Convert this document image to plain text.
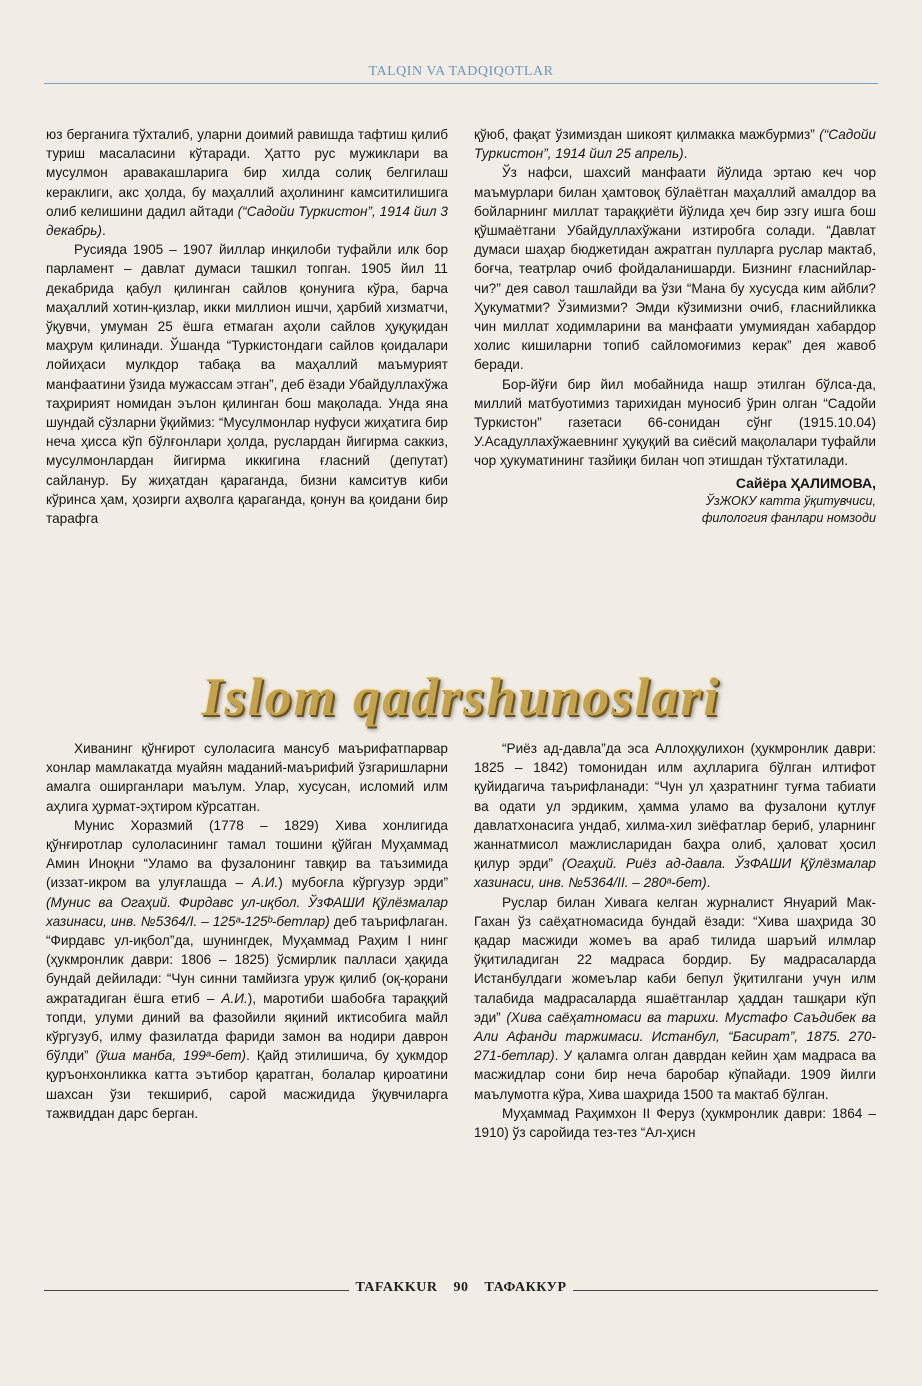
TALQIN VA TADQIQOTLAR

юз берганига тўхталиб, уларни доимий равишда тафтиш қилиб туриш масаласини кўтаради. Ҳатто рус мужиклари ва мусулмон аравакашларига бир хилда солиқ белгилаш кераклиги, акс ҳолда, бу маҳаллий аҳолининг камситилишига олиб келишини дадил айтади (“Садойи Туркистон”, 1914 йил 3 декабрь).

Русияда 1905 – 1907 йиллар инқилоби туфайли илк бор парламент – давлат думаси ташкил топган. 1905 йил 11 декабрида қабул қилинган сайлов қонунига кўра, барча маҳаллий хотин-қизлар, икки миллион ишчи, ҳарбий хизматчи, ўқувчи, умуман 25 ёшга етмаган аҳоли сайлов ҳуқуқидан маҳрум қилинади. Ўшанда “Туркистондаги сайлов қоидалари лойиҳаси мулкдор табақа ва маҳаллий маъмурият манфаатини ўзида мужассам этган”, деб ёзади Убайдуллахўжа таҳририят номидан эълон қилинган бош мақолада. Унда яна шундай сўзларни ўқиймиз: “Мусулмонлар нуфуси жиҳатига бир неча ҳисса кўп бўлғонлари ҳолда, руслардан йигирма саккиз, мусулмонлардан йигирма иккигина ғласний (депутат) сайланур. Бу жиҳатдан қараганда, бизни камситув киби кўринса ҳам, ҳозирги аҳволга қараганда, қонун ва қоидани бир тарафга

қўюб, фақат ўзимиздан шикоят қилмакка мажбурмиз” (“Садойи Туркистон”, 1914 йил 25 апрель).

Ўз нафси, шахсий манфаати йўлида эртаю кеч чор маъмурлари билан ҳамтовоқ бўлаётган маҳаллий амалдор ва бойларнинг миллат тараққиёти йўлида ҳеч бир эзгу ишга бош қўшмаётгани Убайдуллахўжани изтиробга солади. “Давлат думаси шаҳар бюджетидан ажратган пулларга руслар мактаб, боғча, театрлар очиб фойдаланишарди. Бизнинг ғласнийлар-чи?” дея савол ташлайди ва ўзи “Мана бу хусусда ким айбли? Ҳукуматми? Ўзимизми? Эмди кўзимизни очиб, ғласнийликка чин миллат ходимларини ва манфаати умумиядан хабардор холис кишиларни топиб сайломоғимиз керак” дея жавоб беради.

Бор-йўғи бир йил мобайнида нашр этилган бўлса-да, миллий матбуотимиз тарихидан муносиб ўрин олган “Садойи Туркистон” газетаси 66-сонидан сўнг (1915.10.04) У.Асадуллахўжаевнинг ҳуқуқий ва сиёсий мақолалари туфайли чор ҳукуматининг тазйиқи билан чоп этишдан тўхтатилади.

Сайёра ҲАЛИМОВА,
ЎзЖОКУ катта ўқитувчиси,
филология фанлари номзоди
Islom qadrshunoslari

Хиванинг қўнғирот сулоласига мансуб маърифатпарвар хонлар мамлакатда муайян маданий-маърифий ўзгаришларни амалга оширганлари маълум. Улар, хусусан, исломий илм аҳлига ҳурмат-эҳтиром кўрсатган.

Мунис Хоразмий (1778 – 1829) Хива хонлигида қўнғиротлар сулоласининг тамал тошини қўйган Муҳаммад Амин Иноқни “Уламо ва фузалонинг тавқир ва таъзимида (иззат-икром ва улуғлашда – А.И.) мубоғла кўргузур эрди” (Мунис ва Огаҳий. Фирдавс ул-иқбол. ЎзФАШИ Қўлёзмалар хазинаси, инв. №5364/I. – 125ᵃ-125ᵇ-бетлар) деб таърифлаган. “Фирдавс ул-иқбол”да, шунингдек, Муҳаммад Раҳим I нинг (ҳукмронлик даври: 1806 – 1825) ўсмирлик палласи ҳақида бундай дейилади: “Чун синни тамйизга уруж қилиб (оқ-қорани ажратадиган ёшга етиб – А.И.), маротиби шабобға тараққий топди, улуми диний ва фазойили яқиний иктисобига майл кўргузуб, илму фазилатда фариди замон ва нодири даврон бўлди” (ўша манба, 199ᵃ-бет). Қайд этилишича, бу ҳукмдор қуръонхонликка катта эътибор қаратган, болалар қироатини шахсан ўзи текшириб, сарой масжидида ўқувчиларга тажвиддан дарс берган.

“Риёз ад-давла”да эса Аллоҳқулихон (ҳукмронлик даври: 1825 – 1842) томонидан илм аҳлларига бўлган илтифот қуйидагича таърифланади: “Чун ул ҳазратнинг туғма табиати ва одати ул эрдиким, ҳамма уламо ва фузалони қутлуғ давлатхонасига ундаб, хилма-хил зиёфатлар бериб, уларнинг жаннатмисол мажлисларидан баҳра олиб, ҳаловат ҳосил қилур эрди” (Огаҳий. Риёз ад-давла. ЎзФАШИ Қўлёзмалар хазинаси, инв. №5364/II. – 280ᵃ-бет).

Руслар билан Хивага келган журналист Януарий Мак-Гахан ўз саёҳатномасида бундай ёзади: “Хива шаҳрида 30 қадар масжиди жомеъ ва араб тилида шаръий илмлар ўқитиладиган 22 мадраса бордир. Бу мадрасаларда Истанбулдаги жомеълар каби бепул ўқитилгани учун илм талабида мадрасаларда яшаётганлар ҳаддан ташқари кўп эди” (Хива саёҳатномаси ва тарихи. Мустафо Саъдибек ва Али Афанди таржимаси. Истанбул, “Басират”, 1875. 270-271-бетлар). У қаламга олган даврдан кейин ҳам мадраса ва масжидлар сони бир неча баробар кўпайади. 1909 йилги маълумотга кўра, Хива шаҳрида 1500 та мактаб бўлган.

Муҳаммад Раҳимхон II Феруз (ҳукмронлик даври: 1864 – 1910) ўз саройида тез-тез “Ал-ҳисн

TAFAKKUR 90 ТАФАККУР
